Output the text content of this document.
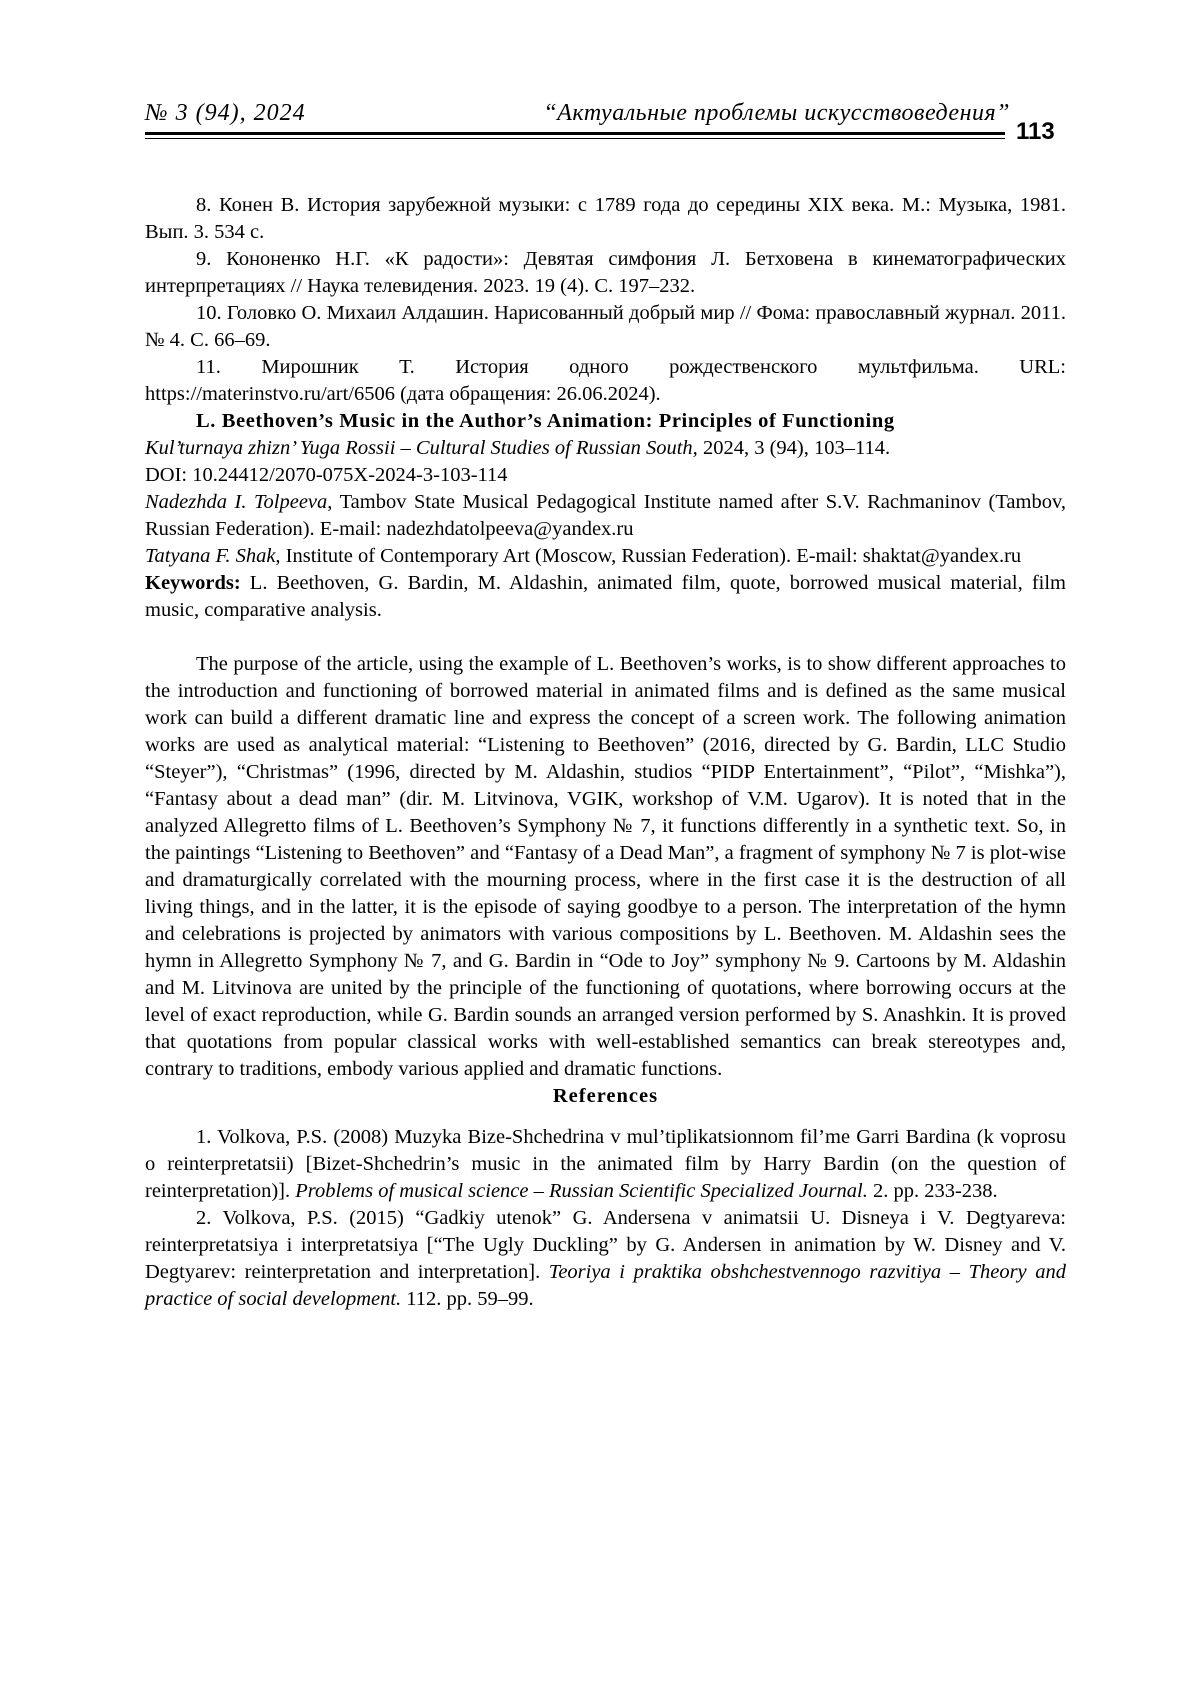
№ 3 (94), 2024	“Актуальные проблемы искусствоведения”
113

8. Конен В. История зарубежной музыки: с 1789 года до середины XIX века. М.: Музыка, 1981. Вып. 3. 534 с.

9. Кононенко Н.Г. «К радости»: Девятая симфония Л. Бетховена в кинематографических интерпретациях // Наука телевидения. 2023. 19 (4). С. 197–232.

10. Головко О. Михаил Алдашин. Нарисованный добрый мир // Фома: православный журнал. 2011. № 4. С. 66–69.

11. Мирошник Т. История одного рождественского мультфильма. URL: https://materinstvo.ru/art/6506 (дата обращения: 26.06.2024).

L. Beethoven’s Music in the Author’s Animation: Principles of Functioning

Kul’turnaya zhizn’ Yuga Rossii – Cultural Studies of Russian South, 2024, 3 (94), 103–114.

DOI: 10.24412/2070-075X-2024-3-103-114

Nadezhda I. Tolpeeva, Tambov State Musical Pedagogical Institute named after S.V. Rachmaninov (Tambov, Russian Federation). E-mail: nadezhdatolpeeva@yandex.ru

Tatyana F. Shak, Institute of Contemporary Art (Moscow, Russian Federation). E-mail: shaktat@yandex.ru

Keywords: L. Beethoven, G. Bardin, M. Aldashin, animated film, quote, borrowed musical material, film music, comparative analysis.

The purpose of the article, using the example of L. Beethoven’s works, is to show different approaches to the introduction and functioning of borrowed material in animated films and is defined as the same musical work can build a different dramatic line and express the concept of a screen work. The following animation works are used as analytical material: “Listening to Beethoven” (2016, directed by G. Bardin, LLC Studio “Steyer”), “Christmas” (1996, directed by M. Aldashin, studios “PIDP Entertainment”, “Pilot”, “Mishka”), “Fantasy about a dead man” (dir. M. Litvinova, VGIK, workshop of V.M. Ugarov). It is noted that in the analyzed Allegretto films of L. Beethoven’s Symphony № 7, it functions differently in a synthetic text. So, in the paintings “Listening to Beethoven” and “Fantasy of a Dead Man”, a fragment of symphony № 7 is plot-wise and dramaturgically correlated with the mourning process, where in the first case it is the destruction of all living things, and in the latter, it is the episode of saying goodbye to a person. The interpretation of the hymn and celebrations is projected by animators with various compositions by L. Beethoven. M. Aldashin sees the hymn in Allegretto Symphony № 7, and G. Bardin in “Ode to Joy” symphony № 9. Cartoons by M. Aldashin and M. Litvinova are united by the principle of the functioning of quotations, where borrowing occurs at the level of exact reproduction, while G. Bardin sounds an arranged version performed by S. Anashkin. It is proved that quotations from popular classical works with well-established semantics can break stereotypes and, contrary to traditions, embody various applied and dramatic functions.

References

1. Volkova, P.S. (2008) Muzyka Bize-Shchedrina v mul’tiplikatsionnom fil’me Garri Bardina (k voprosu o reinterpretatsii) [Bizet-Shchedrin’s music in the animated film by Harry Bardin (on the question of reinterpretation)]. Problems of musical science – Russian Scientific Specialized Journal. 2. pp. 233-238.

2. Volkova, P.S. (2015) “Gadkiy utenok” G. Andersena v animatsii U. Disneya i V. Degtyareva: reinterpretatsiya i interpretatsiya [“The Ugly Duckling” by G. Andersen in animation by W. Disney and V. Degtyarev: reinterpretation and interpretation]. Teoriya i praktika obshchestvennogo razvitiya – Theory and practice of social development. 112. pp. 59–99.
